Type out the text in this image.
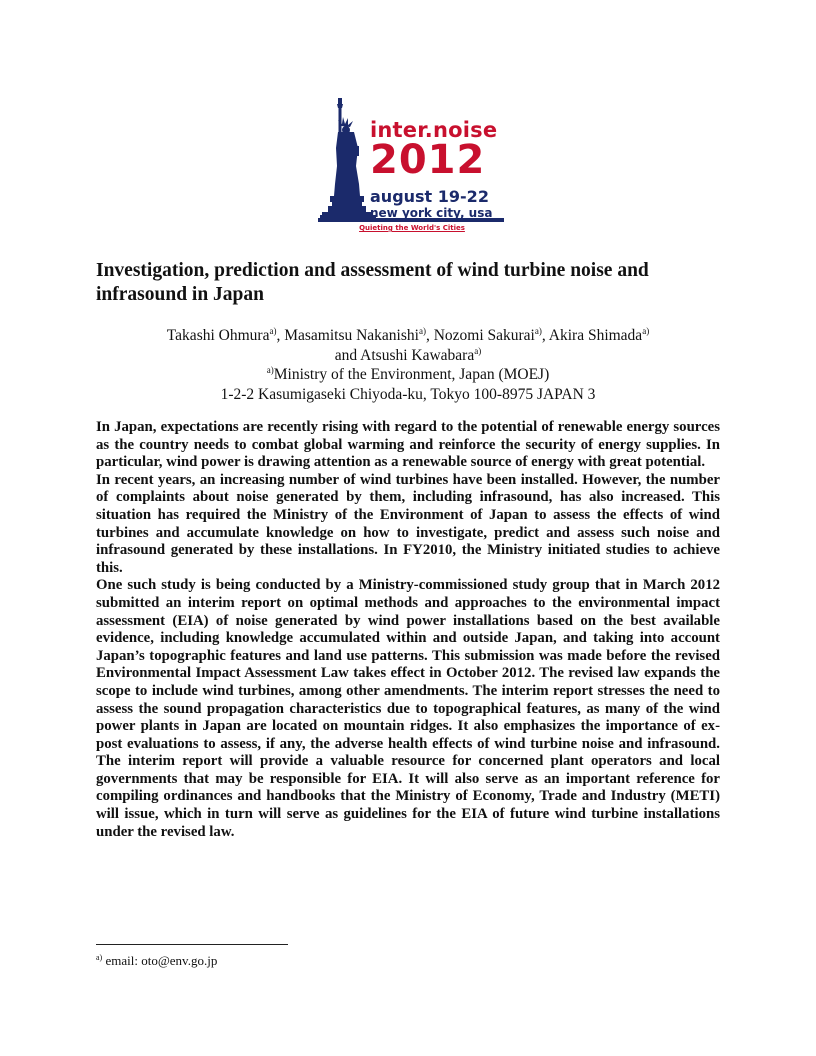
inter.noise
2012
august 19-22
new york city, usa
Quieting the World's Cities
Investigation, prediction and assessment of wind turbine noise and infrasound in Japan
Takashi Ohmura$^{a)}$, Masamitsu Nakanishi$^{a)}$, Nozomi Sakurai$^{a)}$, Akira Shimada$^{a)}$
and Atsushi Kawabara$^{a)}$
$^{a)}$Ministry of the Environment, Japan (MOEJ)
1-2-2 Kasumigaseki Chiyoda-ku, Tokyo 100-8975 JAPAN 3

In Japan, expectations are recently rising with regard to the potential of renewable energy sources as the country needs to combat global warming and reinforce the security of energy supplies. In particular, wind power is drawing attention as a renewable source of energy with great potential.

In recent years, an increasing number of wind turbines have been installed. However, the number of complaints about noise generated by them, including infrasound, has also increased. This situation has required the Ministry of the Environment of Japan to assess the effects of wind turbines and accumulate knowledge on how to investigate, predict and assess such noise and infrasound generated by these installations. In FY2010, the Ministry initiated studies to achieve this.

One such study is being conducted by a Ministry-commissioned study group that in March 2012 submitted an interim report on optimal methods and approaches to the environmental impact assessment (EIA) of noise generated by wind power installations based on the best available evidence, including knowledge accumulated within and outside Japan, and taking into account Japan’s topographic features and land use patterns. This submission was made before the revised Environmental Impact Assessment Law takes effect in October 2012. The revised law expands the scope to include wind turbines, among other amendments. The interim report stresses the need to assess the sound propagation characteristics due to topographical features, as many of the wind power plants in Japan are located on mountain ridges. It also emphasizes the importance of ex-post evaluations to assess, if any, the adverse health effects of wind turbine noise and infrasound. The interim report will provide a valuable resource for concerned plant operators and local governments that may be responsible for EIA. It will also serve as an important reference for compiling ordinances and handbooks that the Ministry of Economy, Trade and Industry (METI) will issue, which in turn will serve as guidelines for the EIA of future wind turbine installations under the revised law.

$^{a)}$ email: oto@env.go.jp
